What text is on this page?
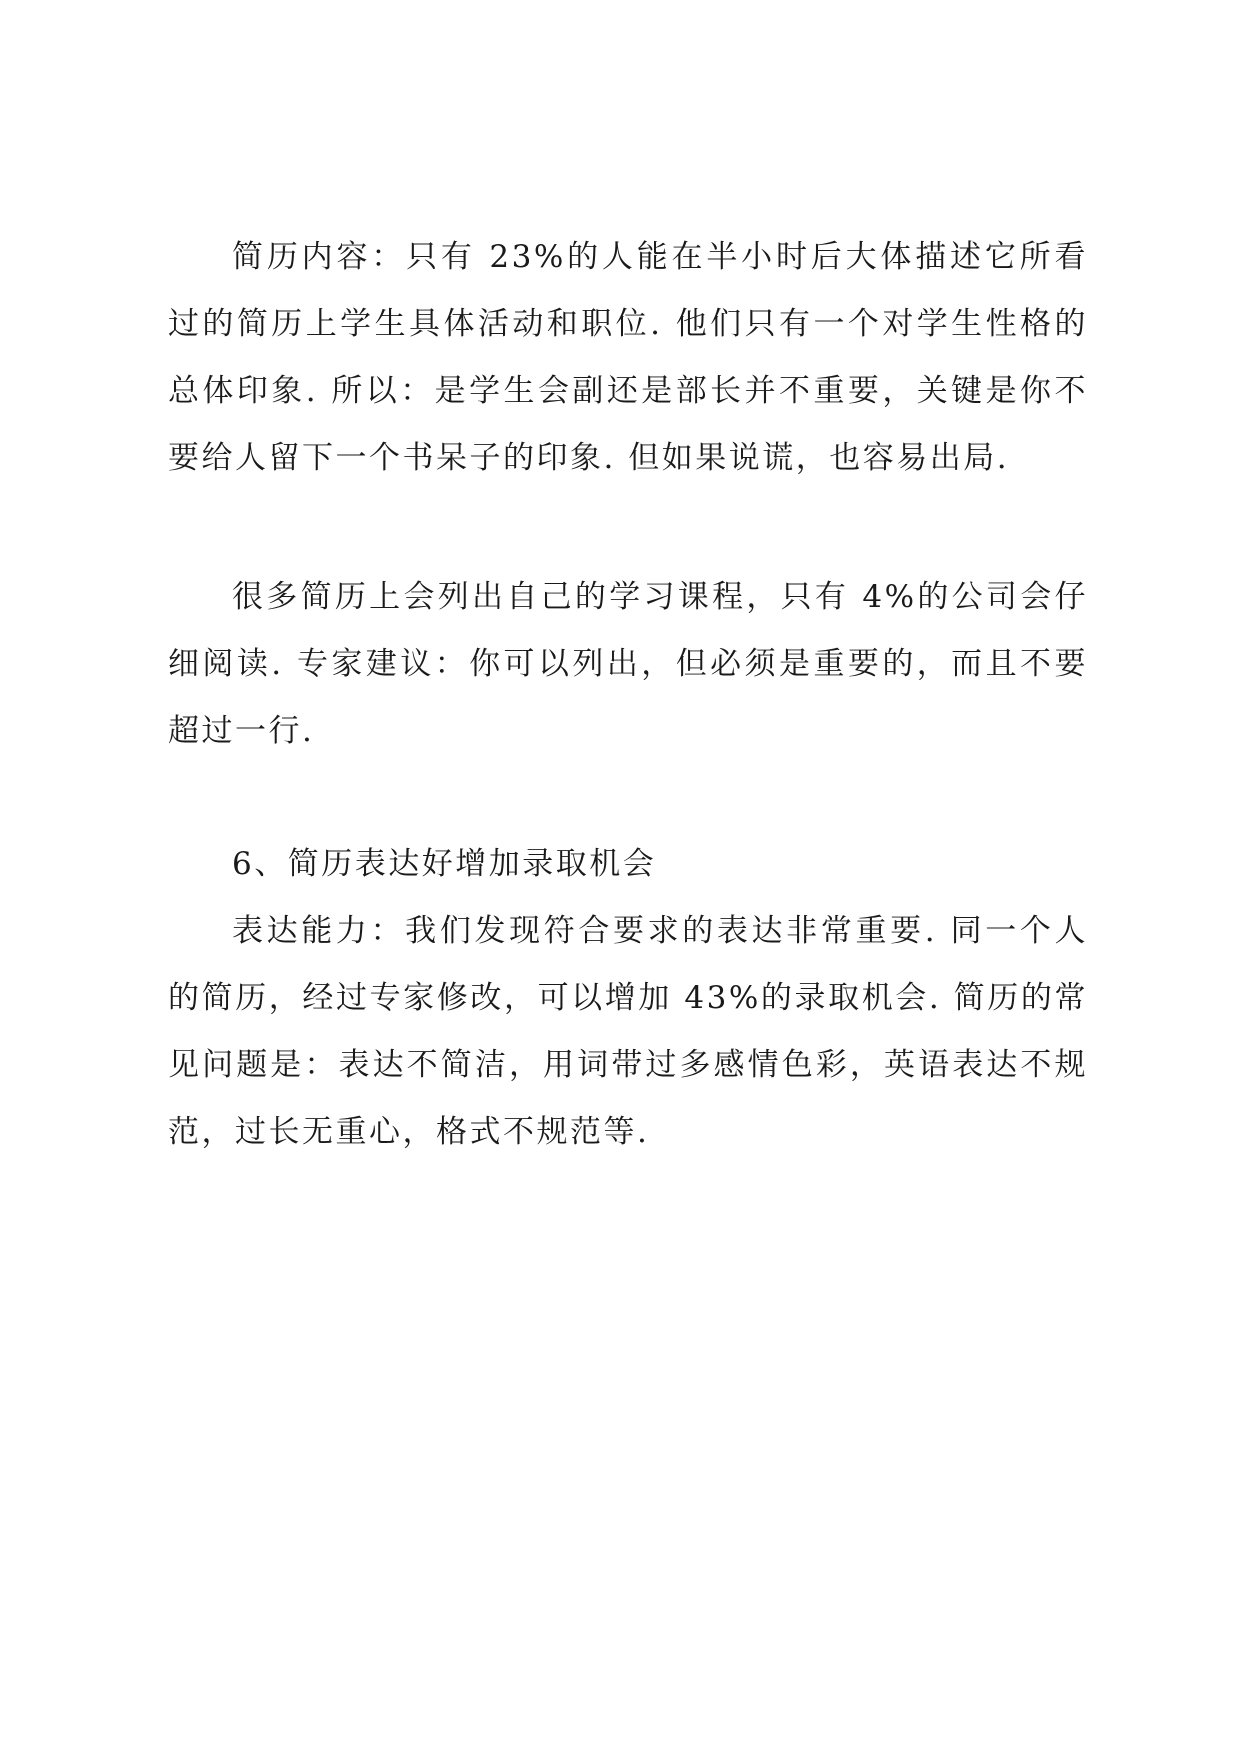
简历内容：只有 23%的人能在半小时后大体描述它所看过的简历上学生具体活动和职位. 他们只有一个对学生性格的总体印象. 所以：是学生会副还是部长并不重要，关键是你不要给人留下一个书呆子的印象. 但如果说谎，也容易出局.

很多简历上会列出自己的学习课程，只有 4%的公司会仔细阅读. 专家建议：你可以列出，但必须是重要的，而且不要超过一行.

6、简历表达好增加录取机会

表达能力：我们发现符合要求的表达非常重要. 同一个人的简历，经过专家修改，可以增加 43%的录取机会. 简历的常见问题是：表达不简洁，用词带过多感情色彩，英语表达不规范，过长无重心，格式不规范等.
